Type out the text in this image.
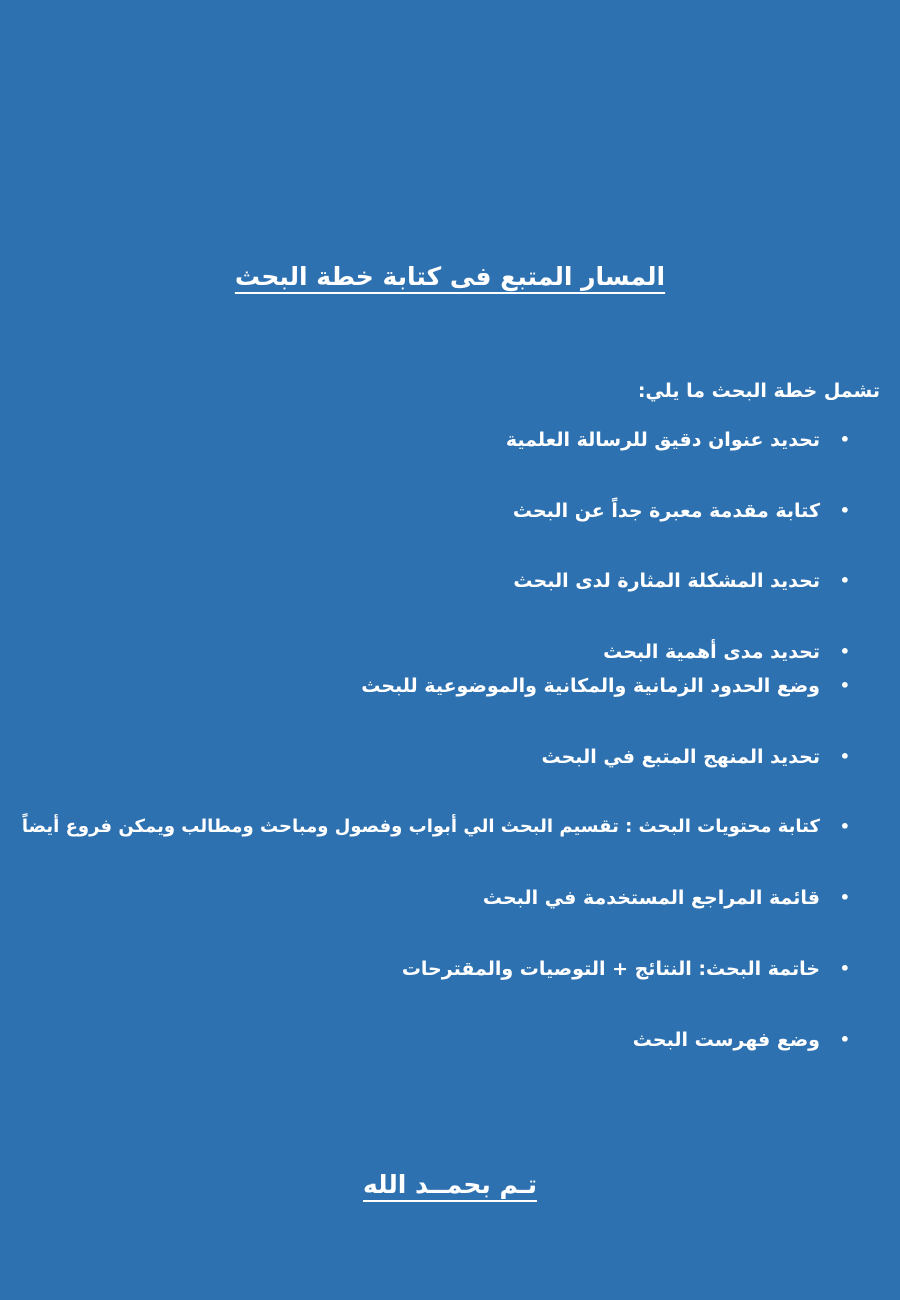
المسار المتبع فى كتابة خطة البحث
تشمل خطة البحث ما يلي:
•
تحديد عنوان دقيق للرسالة العلمية
•
كتابة مقدمة معبرة جداً عن البحث
•
تحديد المشكلة المثارة لدى البحث
•
تحديد مدى أهمية البحث
•
وضع الحدود الزمانية والمكانية والموضوعية للبحث
•
تحديد المنهج المتبع في البحث
•
كتابة محتويات البحث : تقسيم البحث الي أبواب وفصول ومباحث ومطالب ويمكن فروع أيضاً
•
قائمة المراجع المستخدمة في البحث
•
خاتمة البحث: النتائج + التوصيات والمقترحات
•
وضع فهرست البحث
تـم بحمــد الله
